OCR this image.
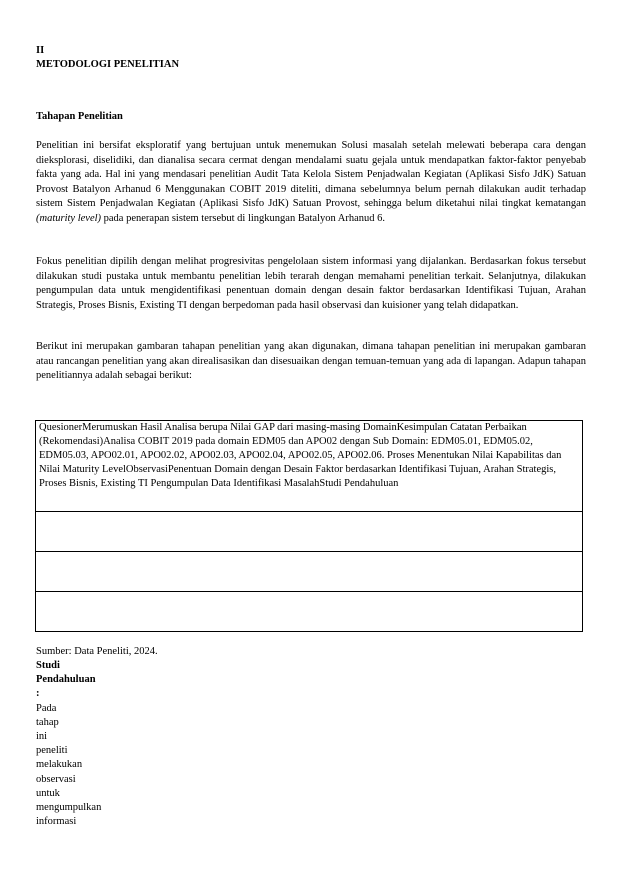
II
METODOLOGI PENELITIAN
Tahapan Penelitian

Penelitian ini bersifat eksploratif yang bertujuan untuk menemukan Solusi masalah setelah melewati beberapa cara dengan dieksplorasi, diselidiki, dan dianalisa secara cermat dengan mendalami suatu gejala untuk mendapatkan faktor-faktor penyebab fakta yang ada. Hal ini yang mendasari penelitian Audit Tata Kelola Sistem Penjadwalan Kegiatan (Aplikasi Sisfo JdK) Satuan Provost Batalyon Arhanud 6 Menggunakan COBIT 2019 diteliti, dimana sebelumnya belum pernah dilakukan audit terhadap sistem Sistem Penjadwalan Kegiatan (Aplikasi Sisfo JdK) Satuan Provost, sehingga belum diketahui nilai tingkat kematangan (maturity level) pada penerapan sistem tersebut di lingkungan Batalyon Arhanud 6.

Fokus penelitian dipilih dengan melihat progresivitas pengelolaan sistem informasi yang dijalankan. Berdasarkan fokus tersebut dilakukan studi pustaka untuk membantu penelitian lebih terarah dengan memahami penelitian terkait. Selanjutnya, dilakukan pengumpulan data untuk mengidentifikasi penentuan domain dengan desain faktor berdasarkan Identifikasi Tujuan, Arahan Strategis, Proses Bisnis, Existing TI dengan berpedoman pada hasil observasi dan kuisioner yang telah didapatkan.

Berikut ini merupakan gambaran tahapan penelitian yang akan digunakan, dimana tahapan penelitian ini merupakan gambaran atau rancangan penelitian yang akan direalisasikan dan disesuaikan dengan temuan-temuan yang ada di lapangan. Adapun tahapan penelitiannya adalah sebagai berikut:

QuesionerMerumuskan Hasil Analisa berupa Nilai GAP dari masing-masing DomainKesimpulan Catatan Perbaikan (Rekomendasi)Analisa COBIT 2019 pada domain EDM05 dan APO02 dengan Sub Domain: EDM05.01, EDM05.02, EDM05.03, APO02.01, APO02.02, APO02.03, APO02.04, APO02.05, APO02.06. Proses Menentukan Nilai Kapabilitas dan Nilai Maturity LevelObservasiPenentuan Domain dengan Desain Faktor berdasarkan Identifikasi Tujuan, Arahan Strategis, Proses Bisnis, Existing TI Pengumpulan Data Identifikasi MasalahStudi Pendahuluan
Sumber: Data Peneliti, 2024.
Studi
Pendahuluan
:
Pada
tahap
ini
peneliti
melakukan
observasi
untuk
mengumpulkan
informasi
